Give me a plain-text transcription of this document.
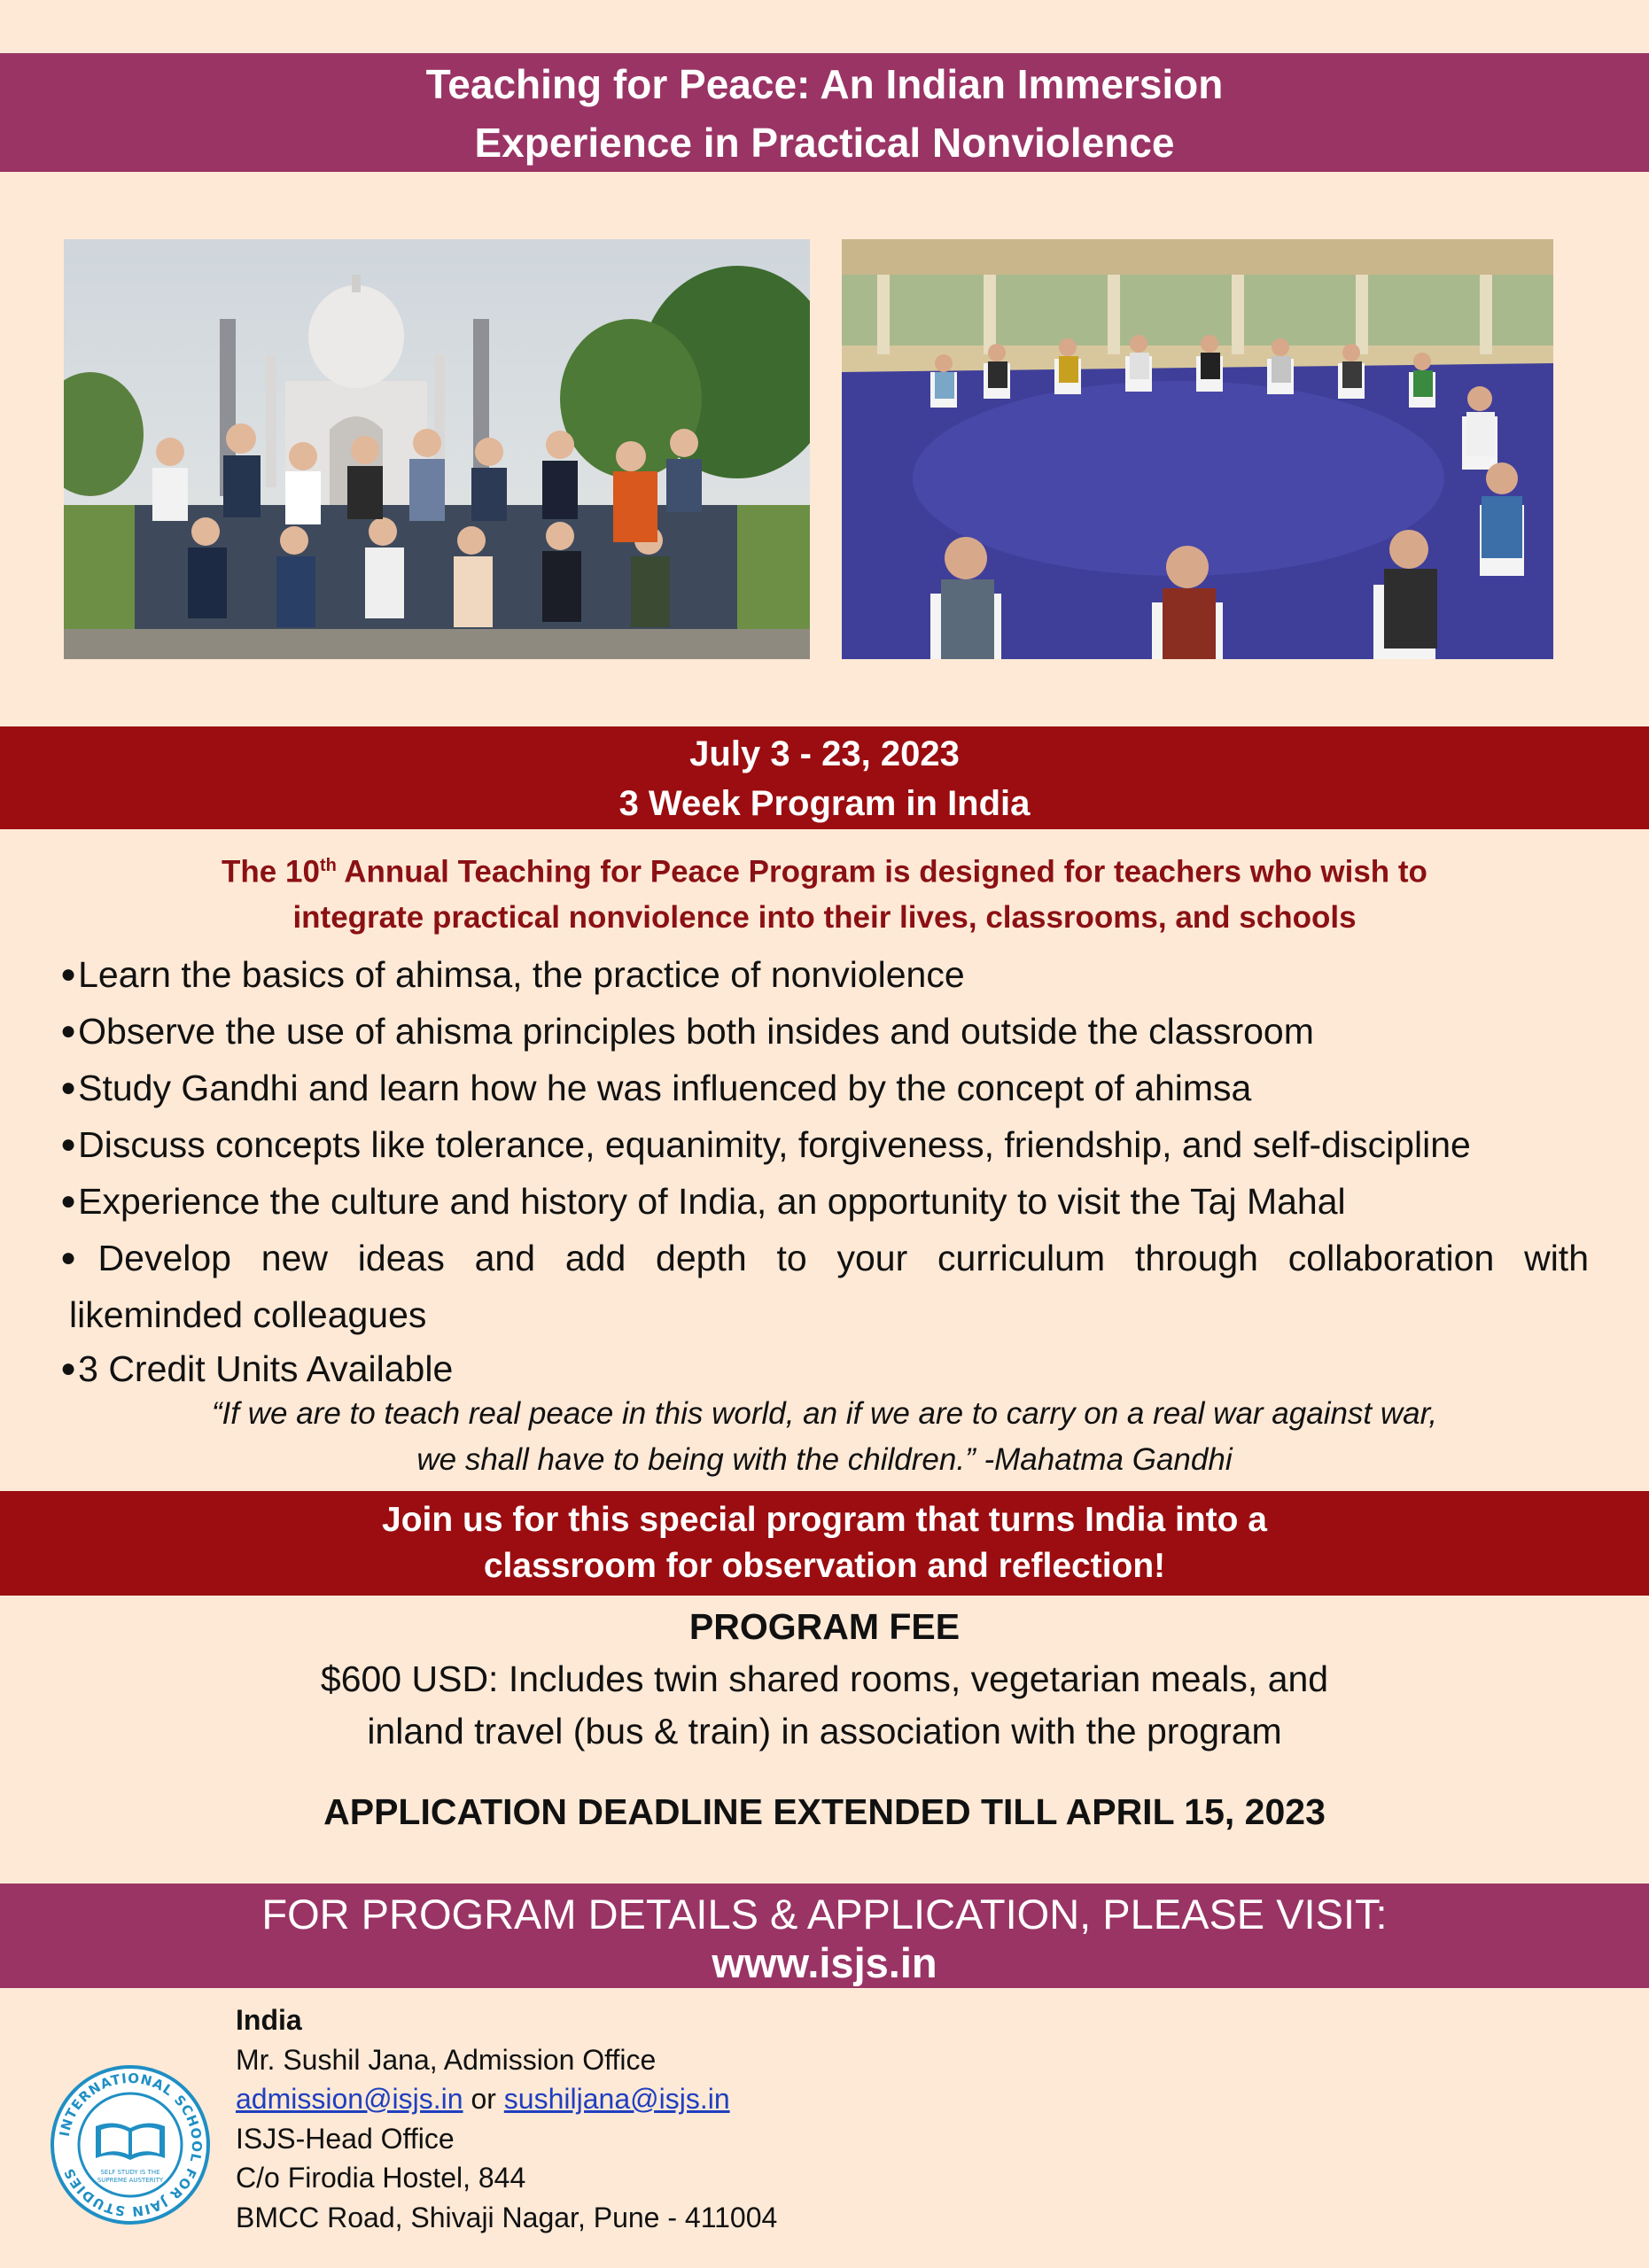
Teaching for Peace: An Indian Immersion
Experience in Practical Nonviolence
July 3 - 23, 2023
3 Week Program in India
The 10th Annual Teaching for Peace Program is designed for teachers who wish to
integrate practical nonviolence into their lives, classrooms, and schools
●Learn the basics of ahimsa, the practice of nonviolence
●Observe the use of ahisma principles both insides and outside the classroom
●Study Gandhi and learn how he was influenced by the concept of ahimsa
●Discuss concepts like tolerance, equanimity, forgiveness, friendship, and self-discipline
●Experience the culture and history of India, an opportunity to visit the Taj Mahal
●Develop new ideas and add depth to your curriculum through collaboration with
likeminded colleagues
●3 Credit Units Available
“If we are to teach real peace in this world, an if we are to carry on a real war against war,
we shall have to being with the children.” -Mahatma Gandhi
Join us for this special program that turns India into a
classroom for observation and reflection!
PROGRAM FEE
$600 USD: Includes twin shared rooms, vegetarian meals, and
inland travel (bus & train) in association with the program
APPLICATION DEADLINE EXTENDED TILL APRIL 15, 2023
FOR PROGRAM DETAILS & APPLICATION, PLEASE VISIT:
www.isjs.in
INTERNATIONAL SCHOOL FOR JAIN STUDIES	SELF STUDY IS THE
SUPREME AUSTERITY
India
Mr. Sushil Jana, Admission Office
admission@isjs.in or sushiljana@isjs.in
ISJS-Head Office
C/o Firodia Hostel, 844
BMCC Road, Shivaji Nagar, Pune - 411004
